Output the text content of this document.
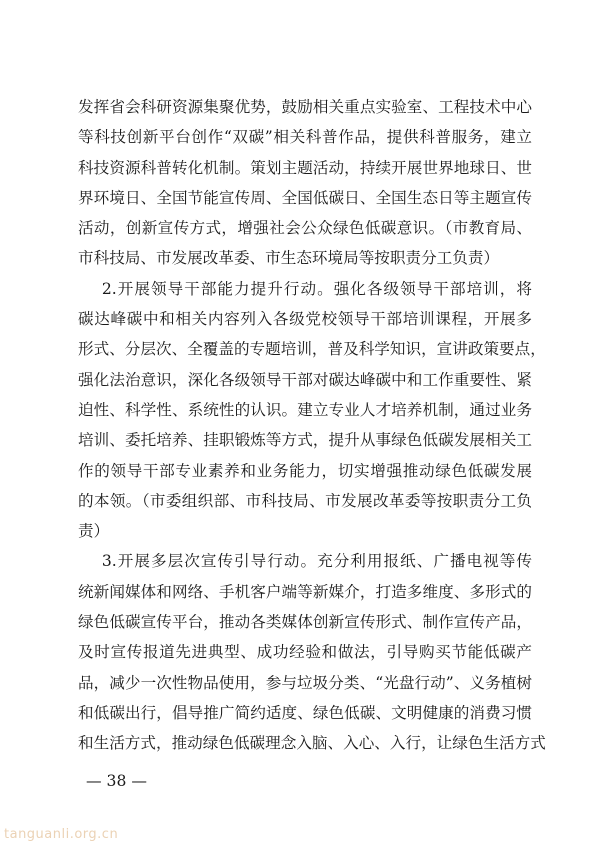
发挥省会科研资源集聚优势，鼓励相关重点实验室、工程技术中心
等科技创新平台创作“双碳”相关科普作品，提供科普服务，建立
科技资源科普转化机制。策划主题活动，持续开展世界地球日、世
界环境日、全国节能宣传周、全国低碳日、全国生态日等主题宣传
活动，创新宣传方式，增强社会公众绿色低碳意识。（市教育局、
市科技局、市发展改革委、市生态环境局等按职责分工负责）
2.开展领导干部能力提升行动。强化各级领导干部培训，将
碳达峰碳中和相关内容列入各级党校领导干部培训课程，开展多
形式、分层次、全覆盖的专题培训，普及科学知识，宣讲政策要点，
强化法治意识，深化各级领导干部对碳达峰碳中和工作重要性、紧
迫性、科学性、系统性的认识。建立专业人才培养机制，通过业务
培训、委托培养、挂职锻炼等方式，提升从事绿色低碳发展相关工
作的领导干部专业素养和业务能力，切实增强推动绿色低碳发展
的本领。（市委组织部、市科技局、市发展改革委等按职责分工负
责）
3.开展多层次宣传引导行动。充分利用报纸、广播电视等传
统新闻媒体和网络、手机客户端等新媒介，打造多维度、多形式的
绿色低碳宣传平台，推动各类媒体创新宣传形式、制作宣传产品，
及时宣传报道先进典型、成功经验和做法，引导购买节能低碳产
品，减少一次性物品使用，参与垃圾分类、“光盘行动”、义务植树
和低碳出行，倡导推广简约适度、绿色低碳、文明健康的消费习惯
和生活方式，推动绿色低碳理念入脑、入心、入行，让绿色生活方式
— 38 —
tanguanli.org.cn
